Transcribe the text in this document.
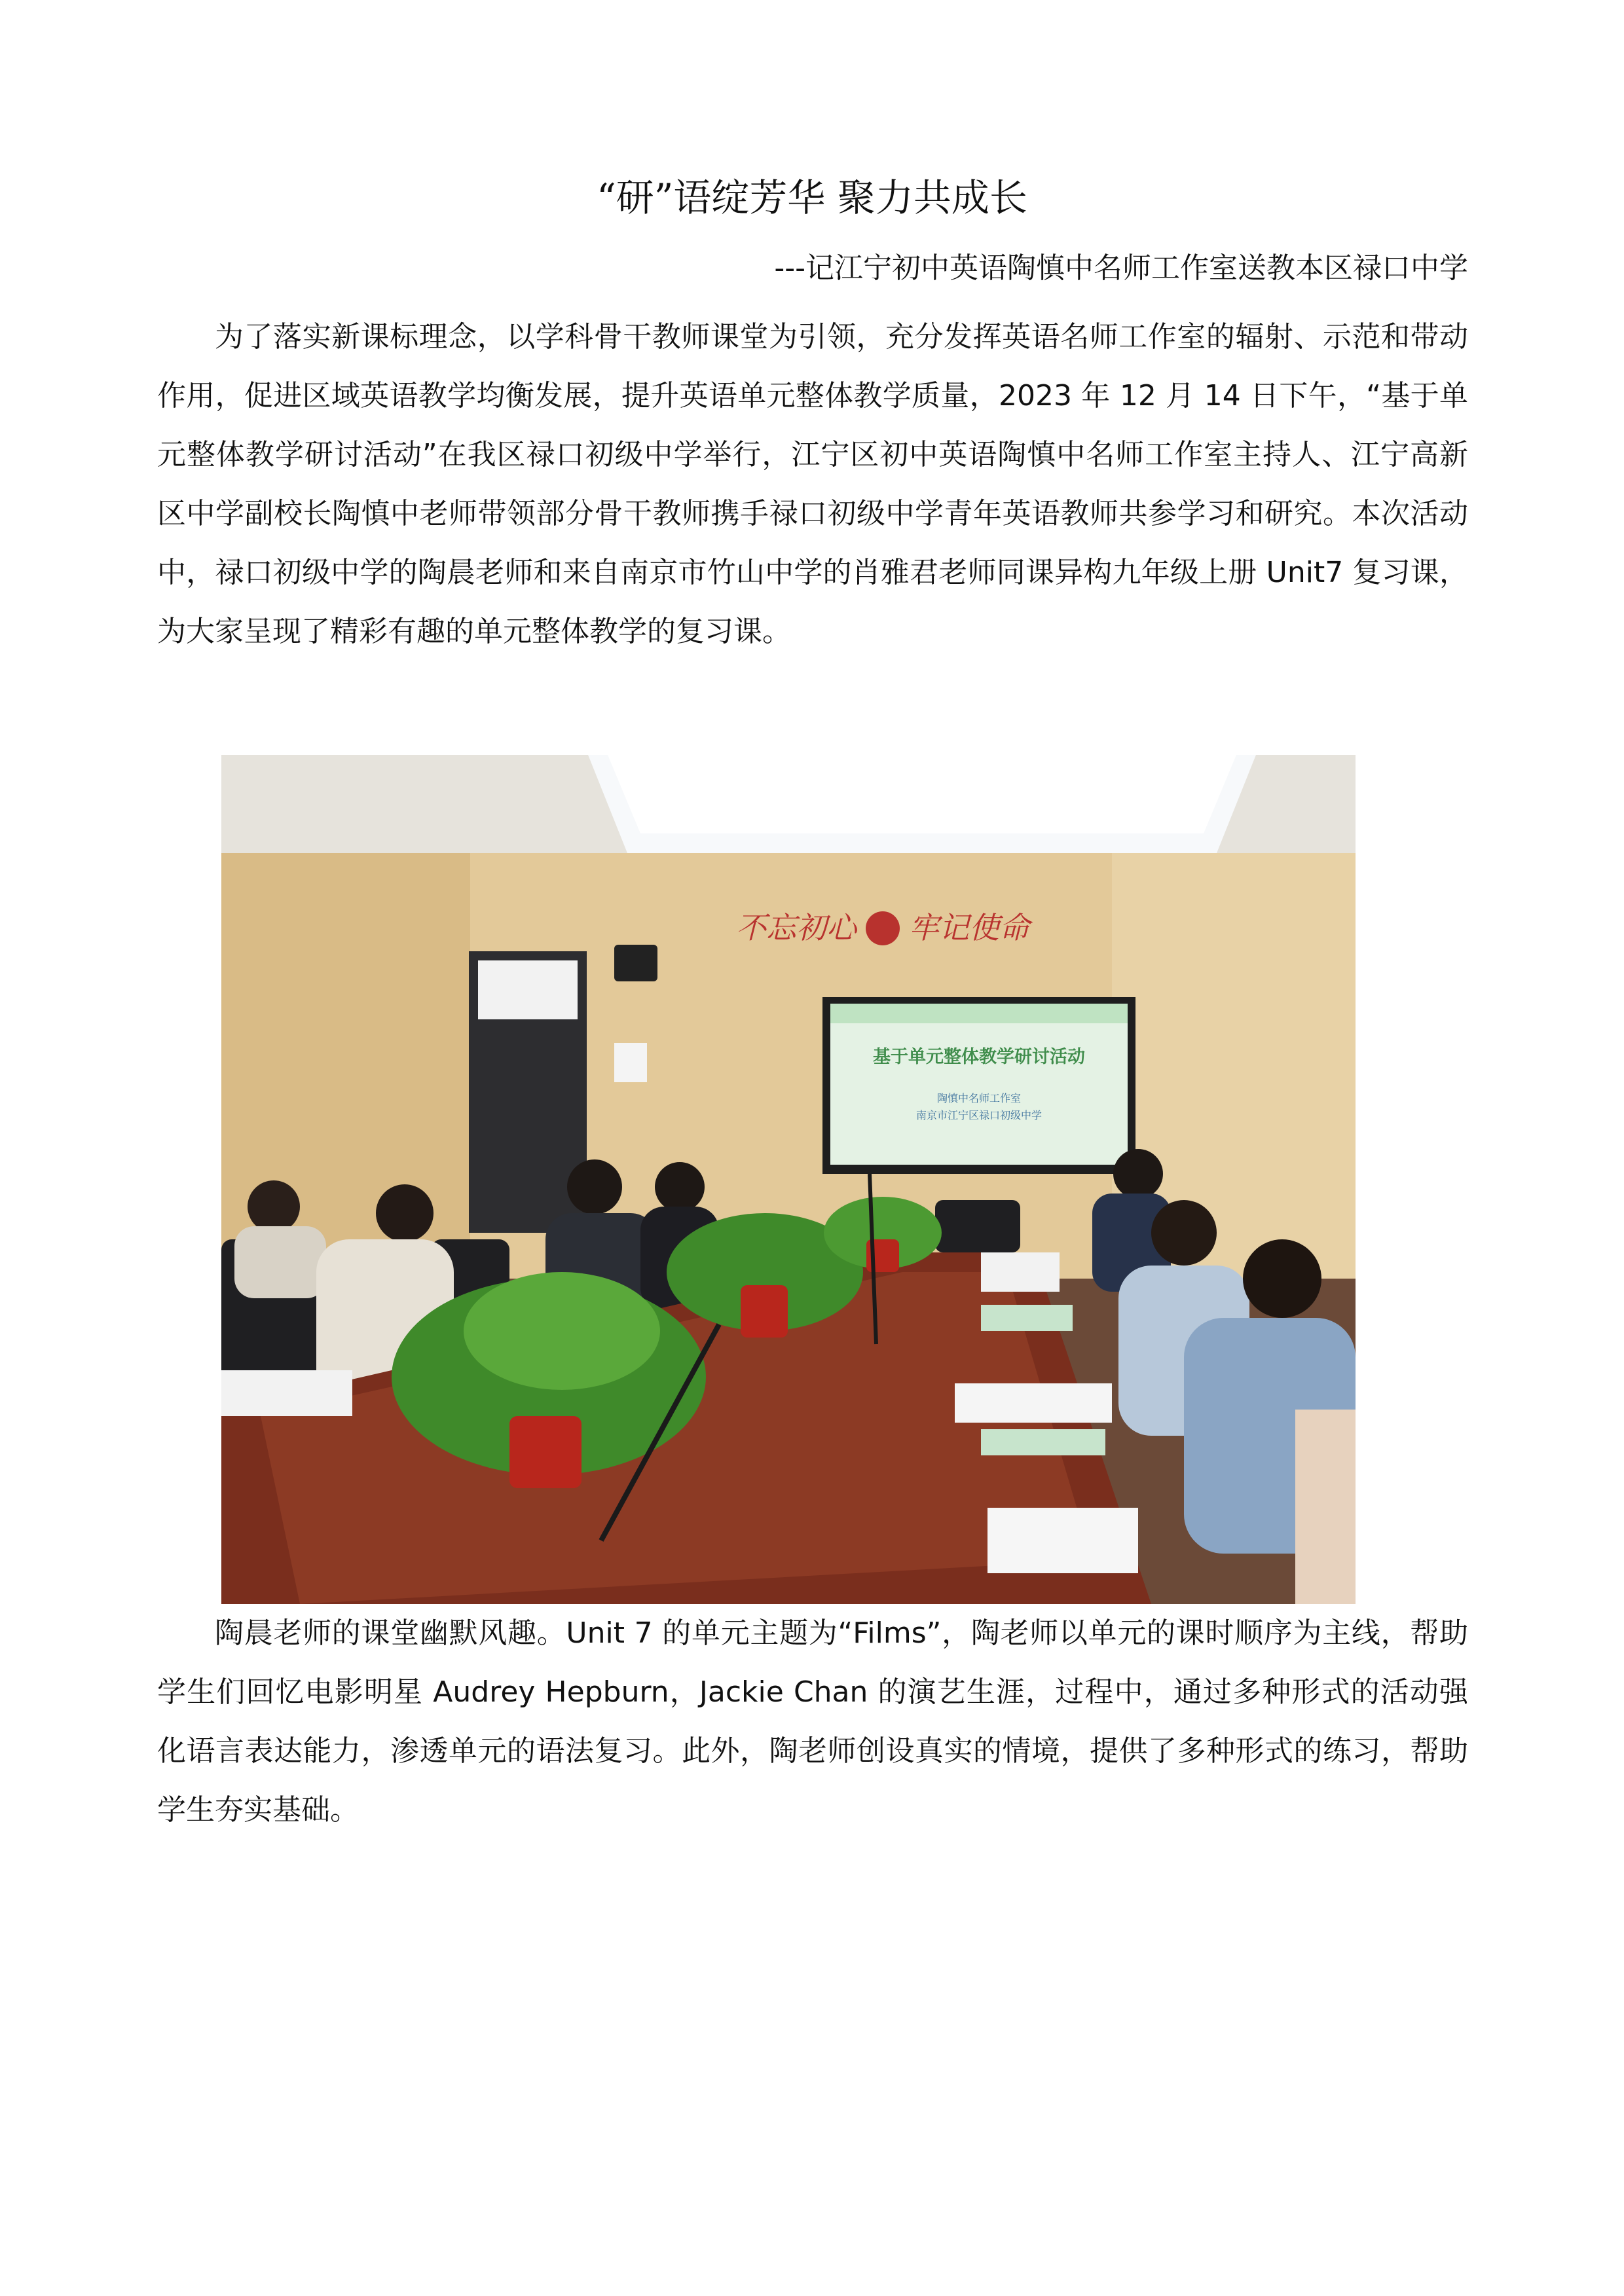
“研”语绽芳华 聚力共成长
---记江宁初中英语陶慎中名师工作室送教本区禄口中学

为了落实新课标理念，以学科骨干教师课堂为引领，充分发挥英语名师工作室的辐射、示范和带动作用，促进区域英语教学均衡发展，提升英语单元整体教学质量，2023 年 12 月 14 日下午，“基于单元整体教学研讨活动”在我区禄口初级中学举行，江宁区初中英语陶慎中名师工作室主持人、江宁高新区中学副校长陶慎中老师带领部分骨干教师携手禄口初级中学青年英语教师共参学习和研究。本次活动中，禄口初级中学的陶晨老师和来自南京市竹山中学的肖雅君老师同课异构九年级上册 Unit7 复习课，为大家呈现了精彩有趣的单元整体教学的复习课。

不忘初心 牢记使命
基于单元整体教学研讨活动
陶慎中名师工作室
南京市江宁区禄口初级中学

陶晨老师的课堂幽默风趣。Unit 7 的单元主题为“Films”，陶老师以单元的课时顺序为主线，帮助学生们回忆电影明星 Audrey Hepburn，Jackie Chan 的演艺生涯，过程中，通过多种形式的活动强化语言表达能力，渗透单元的语法复习。此外，陶老师创设真实的情境，提供了多种形式的练习，帮助学生夯实基础。
